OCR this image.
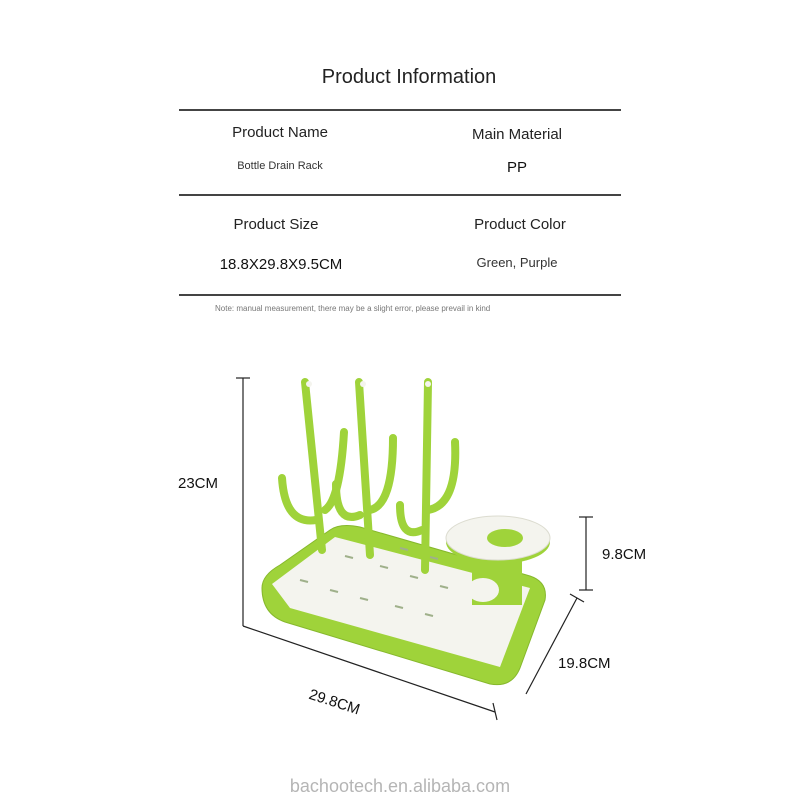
Product Information
Product Name
Bottle Drain Rack
Main Material
PP
Product Size
18.8X29.8X9.5CM
Product Color
Green, Purple
Note: manual measurement, there may be a slight error, please prevail in kind
23CM
9.8CM
19.8CM
29.8CM
bachootech.en.alibaba.com
